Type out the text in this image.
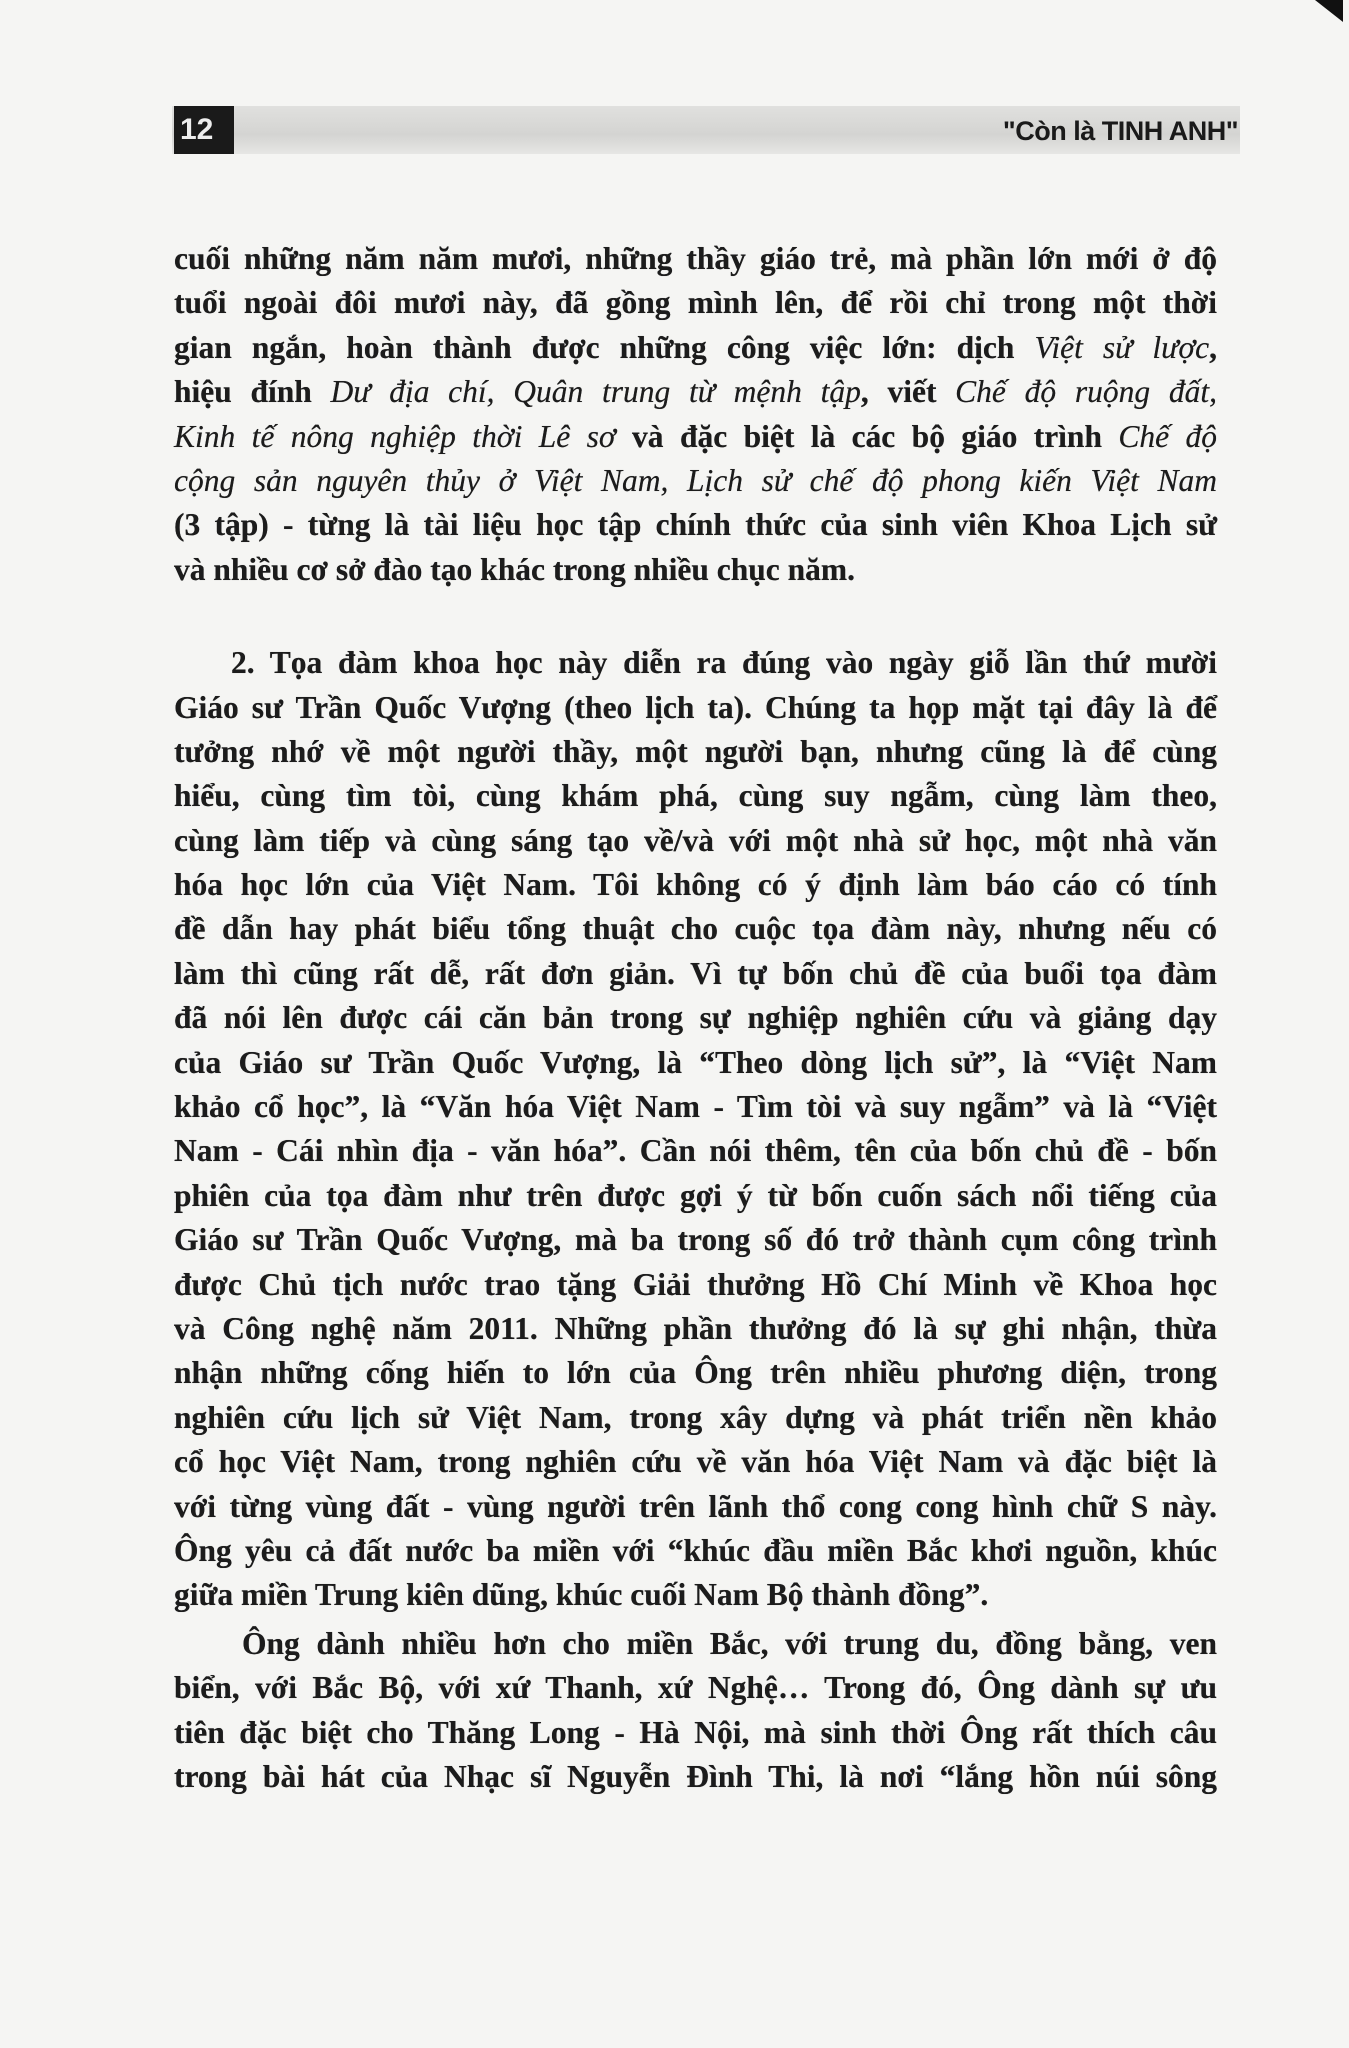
12	"Còn là TINH ANH"
cuối những năm năm mươi, những thầy giáo trẻ, mà phần lớn mới ở độ
tuổi ngoài đôi mươi này, đã gồng mình lên, để rồi chỉ trong một thời
gian ngắn, hoàn thành được những công việc lớn: dịch Việt sử lược,
hiệu đính Dư địa chí, Quân trung từ mệnh tập, viết Chế độ ruộng đất,
Kinh tế nông nghiệp thời Lê sơ và đặc biệt là các bộ giáo trình Chế độ
cộng sản nguyên thủy ở Việt Nam, Lịch sử chế độ phong kiến Việt Nam
(3 tập) - từng là tài liệu học tập chính thức của sinh viên Khoa Lịch sử
và nhiều cơ sở đào tạo khác trong nhiều chục năm.
2. Tọa đàm khoa học này diễn ra đúng vào ngày giỗ lần thứ mười
Giáo sư Trần Quốc Vượng (theo lịch ta). Chúng ta họp mặt tại đây là để
tưởng nhớ về một người thầy, một người bạn, nhưng cũng là để cùng
hiểu, cùng tìm tòi, cùng khám phá, cùng suy ngẫm, cùng làm theo,
cùng làm tiếp và cùng sáng tạo về/và với một nhà sử học, một nhà văn
hóa học lớn của Việt Nam. Tôi không có ý định làm báo cáo có tính
đề dẫn hay phát biểu tổng thuật cho cuộc tọa đàm này, nhưng nếu có
làm thì cũng rất dễ, rất đơn giản. Vì tự bốn chủ đề của buổi tọa đàm
đã nói lên được cái căn bản trong sự nghiệp nghiên cứu và giảng dạy
của Giáo sư Trần Quốc Vượng, là “Theo dòng lịch sử”, là “Việt Nam
khảo cổ học”, là “Văn hóa Việt Nam - Tìm tòi và suy ngẫm” và là “Việt
Nam - Cái nhìn địa - văn hóa”. Cần nói thêm, tên của bốn chủ đề - bốn
phiên của tọa đàm như trên được gợi ý từ bốn cuốn sách nổi tiếng của
Giáo sư Trần Quốc Vượng, mà ba trong số đó trở thành cụm công trình
được Chủ tịch nước trao tặng Giải thưởng Hồ Chí Minh về Khoa học
và Công nghệ năm 2011. Những phần thưởng đó là sự ghi nhận, thừa
nhận những cống hiến to lớn của Ông trên nhiều phương diện, trong
nghiên cứu lịch sử Việt Nam, trong xây dựng và phát triển nền khảo
cổ học Việt Nam, trong nghiên cứu về văn hóa Việt Nam và đặc biệt là
với từng vùng đất - vùng người trên lãnh thổ cong cong hình chữ S này.
Ông yêu cả đất nước ba miền với “khúc đầu miền Bắc khơi nguồn, khúc
giữa miền Trung kiên dũng, khúc cuối Nam Bộ thành đồng”.
Ông dành nhiều hơn cho miền Bắc, với trung du, đồng bằng, ven
biển, với Bắc Bộ, với xứ Thanh, xứ Nghệ… Trong đó, Ông dành sự ưu
tiên đặc biệt cho Thăng Long - Hà Nội, mà sinh thời Ông rất thích câu
trong bài hát của Nhạc sĩ Nguyễn Đình Thi, là nơi “lắng hồn núi sông
